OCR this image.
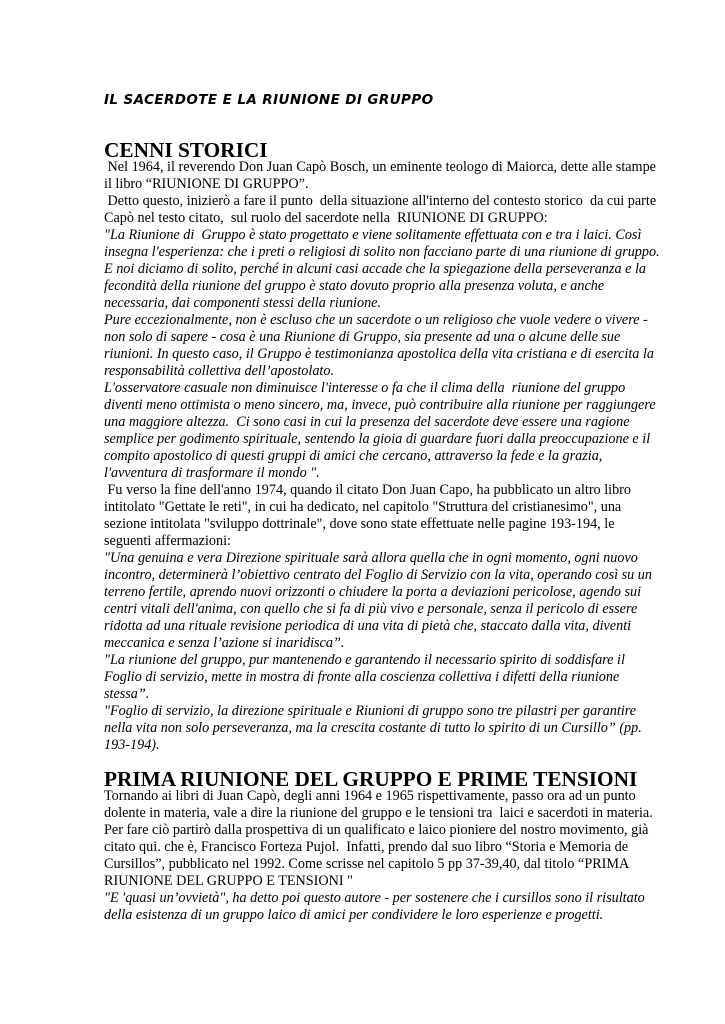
IL SACERDOTE E LA RIUNIONE DI GRUPPO
CENNI STORICI

Nel 1964, il reverendo Don Juan Capò Bosch, un eminente teologo di Maiorca, dette alle stampe il libro “RIUNIONE DI GRUPPO”.

Detto questo, inizierò a fare il punto  della situazione all'interno del contesto storico  da cui parte Capò nel testo citato,  sul ruolo del sacerdote nella  RIUNIONE DI GRUPPO:

"La Riunione di  Gruppo è stato progettato e viene solitamente effettuata con e tra i laici. Così insegna l'esperienza: che i preti o religiosi di solito non facciano parte di una riunione di gruppo.

E noi diciamo di solito, perché in alcuni casi accade che la spiegazione della perseveranza e la fecondità della riunione del gruppo è stato dovuto proprio alla presenza voluta, e anche necessaria, dai componenti stessi della riunione.

Pure eccezionalmente, non è escluso che un sacerdote o un religioso che vuole vedere o vivere - non solo di sapere - cosa è una Riunione di Gruppo, sia presente ad una o alcune delle sue riunioni. In questo caso, il Gruppo è testimonianza apostolica della vita cristiana e di esercita la responsabilità collettiva dell’apostolato.

L'osservatore casuale non diminuisce l'interesse o fa che il clima della  riunione del gruppo diventi meno ottimista o meno sincero, ma, invece, può contribuire alla riunione per raggiungere una maggiore altezza.  Ci sono casi in cui la presenza del sacerdote deve essere una ragione semplice per godimento spirituale, sentendo la gioia di guardare fuori dalla preoccupazione e il compito apostolico di questi gruppi di amici che cercano, attraverso la fede e la grazia, l'avventura di trasformare il mondo ".

Fu verso la fine dell'anno 1974, quando il citato Don Juan Capo, ha pubblicato un altro libro intitolato "Gettate le reti", in cui ha dedicato, nel capitolo "Struttura del cristianesimo", una sezione intitolata "sviluppo dottrinale", dove sono state effettuate nelle pagine 193-194, le seguenti affermazioni:

"Una genuina e vera Direzione spirituale sarà allora quella che in ogni momento, ogni nuovo incontro, determinerà l’obiettivo centrato del Foglio di Servizio con la vita, operando così su un terreno fertile, aprendo nuovi orizzonti o chiudere la porta a deviazioni pericolose, agendo sui centri vitali dell'anima, con quello che si fa di più vivo e personale, senza il pericolo di essere ridotta ad una rituale revisione periodica di una vita di pietà che, staccato dalla vita, diventi meccanica e senza l’azione si inaridisca”.

"La riunione del gruppo, pur mantenendo e garantendo il necessario spirito di soddisfare il Foglio di servizio, mette in mostra di fronte alla coscienza collettiva i difetti della riunione stessa”.

"Foglio di servizio, la direzione spirituale e Riunioni di gruppo sono tre pilastri per garantire nella vita non solo perseveranza, ma la crescita costante di tutto lo spirito di un Cursillo” (pp. 193-194).

PRIMA RIUNIONE DEL GRUPPO E PRIME TENSIONI

Tornando ai libri di Juan Capò, degli anni 1964 e 1965 rispettivamente, passo ora ad un punto dolente in materia, vale a dire la riunione del gruppo e le tensioni tra  laici e sacerdoti in materia. Per fare ciò partirò dalla prospettiva di un qualificato e laico pioniere del nostro movimento, già citato qui. che è, Francisco Forteza Pujol.  Infatti, prendo dal suo libro “Storia e Memoria de Cursillos”, pubblicato nel 1992. Come scrisse nel capitolo 5 pp 37-39,40, dal titolo “PRIMA RIUNIONE DEL GRUPPO E TENSIONI "

"E 'quasi un’ovvietà", ha detto poi questo autore - per sostenere che i cursillos sono il risultato della esistenza di un gruppo laico di amici per condividere le loro esperienze e progetti.
